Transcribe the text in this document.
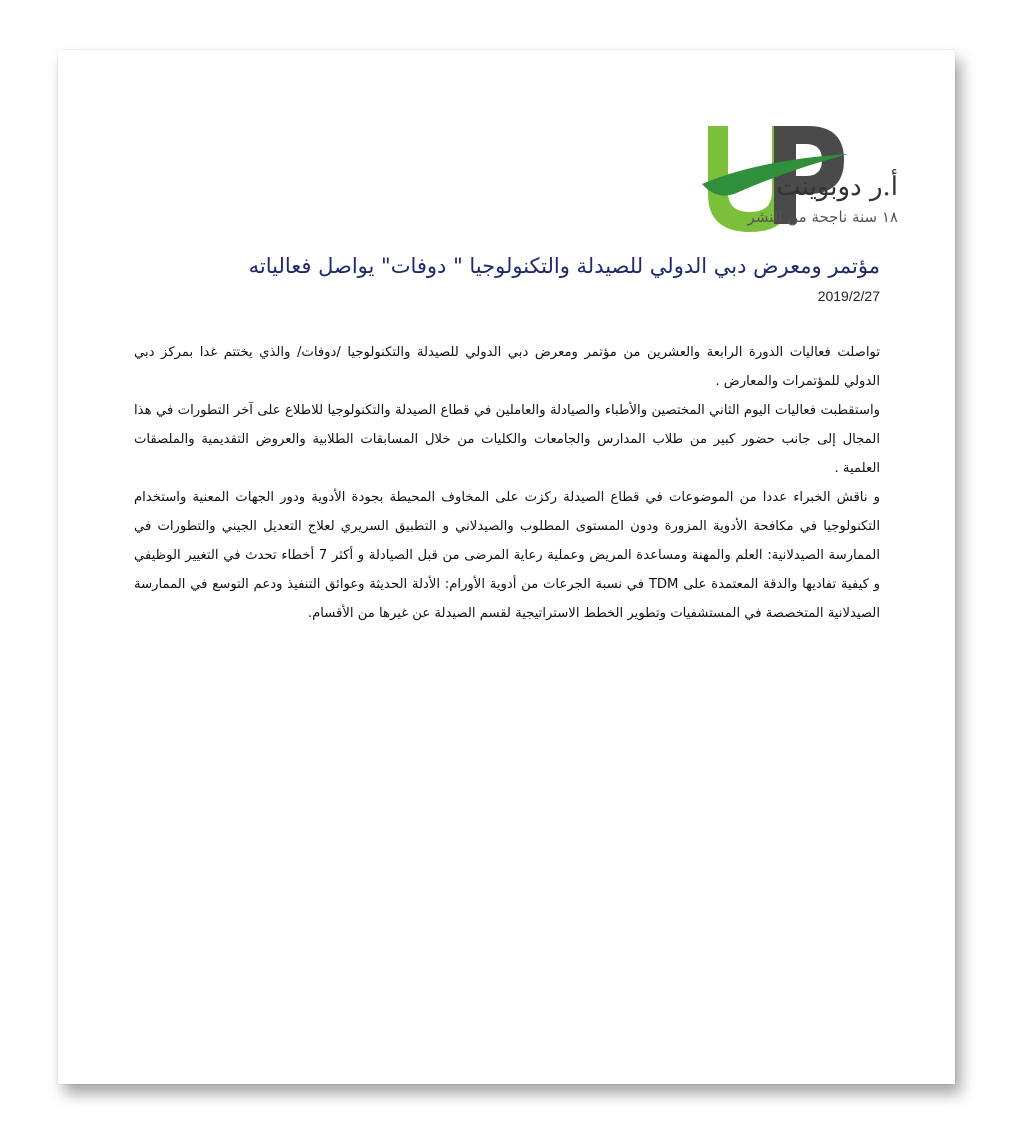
أ.ر دوبوينت
١٨ سنة ناجحة من النشر
مؤتمر ومعرض دبي الدولي للصيدلة والتكنولوجيا " دوفات" يواصل فعالياته
2019/2/27

تواصلت فعاليات الدورة الرابعة والعشرين من مؤتمر ومعرض دبي الدولي للصيدلة والتكنولوجيا /دوفات/ والذي يختتم غدا بمركز دبي الدولي للمؤتمرات والمعارض .

واستقطبت فعاليات اليوم الثاني المختصين والأطباء والصيادلة والعاملين في قطاع الصيدلة والتكنولوجيا للاطلاع على آخر التطورات في هذا المجال إلى جانب حضور كبير من طلاب المدارس والجامعات والكليات من خلال المسابقات الطلابية والعروض التقديمية والملصقات العلمية .

و ناقش الخبراء عددا من الموضوعات في قطاع الصيدلة ركزت على المخاوف المحيطة بجودة الأدوية ودور الجهات المعنية واستخدام التكنولوجيا في مكافحة الأدوية المزورة ودون المستوى المطلوب والصيدلاني و التطبيق السريري لعلاج التعديل الجيني والتطورات في الممارسة الصيدلانية: العلم والمهنة ومساعدة المريض وعملية رعاية المرضى من قبل الصيادلة و أكثر 7 أخطاء تحدث في التغيير الوظيفي و كيفية تفاديها والدقة المعتمدة على TDM في نسبة الجرعات من أدوية الأورام: الأدلة الحديثة وعوائق التنفيذ ودعم التوسع في الممارسة الصيدلانية المتخصصة في المستشفيات وتطوير الخطط الاستراتيجية لقسم الصيدلة عن غيرها من الأقسام.
